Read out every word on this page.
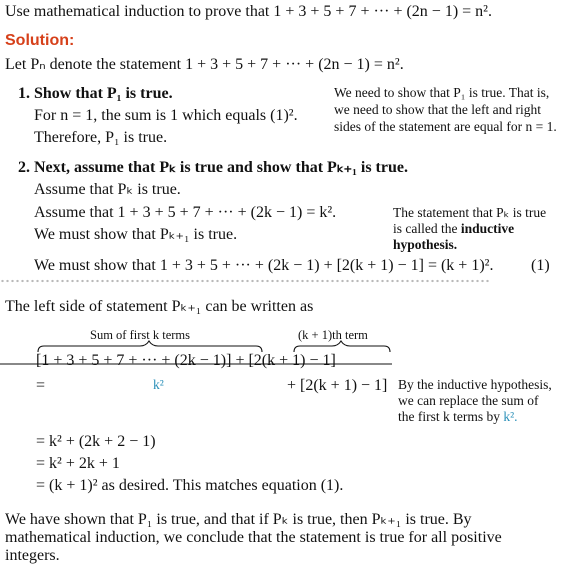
Use mathematical induction to prove that 1 + 3 + 5 + 7 + ··· + (2n − 1) = n².
Solution:
Let Pₙ denote the statement 1 + 3 + 5 + 7 + ··· + (2n − 1) = n².
1. Show that P₁ is true.
For n = 1, the sum is 1 which equals (1)².
Therefore, P₁ is true.
We need to show that P₁ is true. That is,
we need to show that the left and right
sides of the statement are equal for n = 1.
2. Next, assume that Pₖ is true and show that Pₖ₊₁ is true.
Assume that Pₖ is true.
Assume that 1 + 3 + 5 + 7 + ··· + (2k − 1) = k².
We must show that Pₖ₊₁ is true.
The statement that Pₖ is true
is called the inductive
hypothesis.
We must show that 1 + 3 + 5 + ··· + (2k − 1) + [2(k + 1) − 1] = (k + 1)². (1)
The left side of statement Pₖ₊₁ can be written as
Sum of first k terms	(k + 1)th term
[1 + 3 + 5 + 7 + ··· + (2k − 1)] + [2(k + 1) − 1]
=	k²	+ [2(k + 1) − 1] By the inductive hypothesis,
we can replace the sum of
the first k terms by k².
= k² + (2k + 2 − 1)
= k² + 2k + 1
= (k + 1)² as desired. This matches equation (1).
We have shown that P₁ is true, and that if Pₖ is true, then Pₖ₊₁ is true. By
mathematical induction, we conclude that the statement is true for all positive
integers.
